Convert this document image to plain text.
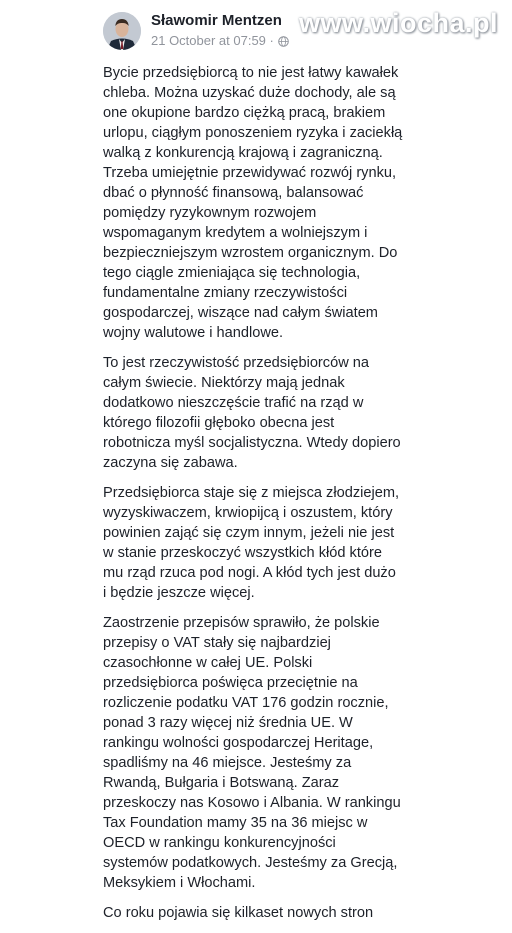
Sławomir Mentzen
21 October at 07:59 ·
www.wiocha.pl

Bycie przedsiębiorcą to nie jest łatwy kawałek chleba. Można uzyskać duże dochody, ale są one okupione bardzo ciężką pracą, brakiem urlopu, ciągłym ponoszeniem ryzyka i zaciekłą walką z konkurencją krajową i zagraniczną. Trzeba umiejętnie przewidywać rozwój rynku, dbać o płynność finansową, balansować pomiędzy ryzykownym rozwojem wspomaganym kredytem a wolniejszym i bezpieczniejszym wzrostem organicznym. Do tego ciągle zmieniająca się technologia, fundamentalne zmiany rzeczywistości gospodarczej, wiszące nad całym światem wojny walutowe i handlowe.

To jest rzeczywistość przedsiębiorców na całym świecie. Niektórzy mają jednak dodatkowo nieszczęście trafić na rząd w którego filozofii głęboko obecna jest robotnicza myśl socjalistyczna. Wtedy dopiero zaczyna się zabawa.

Przedsiębiorca staje się z miejsca złodziejem, wyzyskiwaczem, krwiopijcą i oszustem, który powinien zająć się czym innym, jeżeli nie jest w stanie przeskoczyć wszystkich kłód które mu rząd rzuca pod nogi. A kłód tych jest dużo i będzie jeszcze więcej.

Zaostrzenie przepisów sprawiło, że polskie przepisy o VAT stały się najbardziej czasochłonne w całej UE. Polski przedsiębiorca poświęca przeciętnie na rozliczenie podatku VAT 176 godzin rocznie, ponad 3 razy więcej niż średnia UE. W rankingu wolności gospodarczej Heritage, spadliśmy na 46 miejsce. Jesteśmy za Rwandą, Bułgaria i Botswaną. Zaraz przeskoczy nas Kosowo i Albania. W rankingu Tax Foundation mamy 35 na 36 miejsc w OECD w rankingu konkurencyjności systemów podatkowych. Jesteśmy za Grecją, Meksykiem i Włochami.

Co roku pojawia się kilkaset nowych stron
